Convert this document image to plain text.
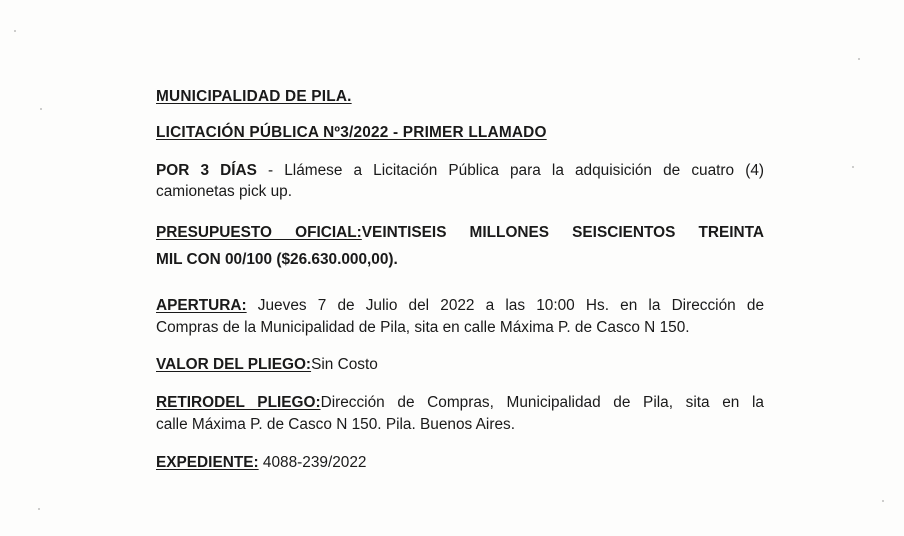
MUNICIPALIDAD DE PILA.
LICITACIÓN PÚBLICA Nº3/2022 - PRIMER LLAMADO
POR 3 DÍAS - Llámese a Licitación Pública para la adquisición de cuatro (4)
camionetas pick up.
PRESUPUESTO OFICIAL:VEINTISEIS MILLONES SEISCIENTOS TREINTA
MIL CON 00/100 ($26.630.000,00).
APERTURA: Jueves 7 de Julio del 2022 a las 10:00 Hs. en la Dirección de
Compras de la Municipalidad de Pila, sita en calle Máxima P. de Casco N 150.
VALOR DEL PLIEGO:Sin Costo
RETIRODEL PLIEGO:Dirección de Compras, Municipalidad de Pila, sita en la
calle Máxima P. de Casco N 150. Pila. Buenos Aires.
EXPEDIENTE: 4088-239/2022
